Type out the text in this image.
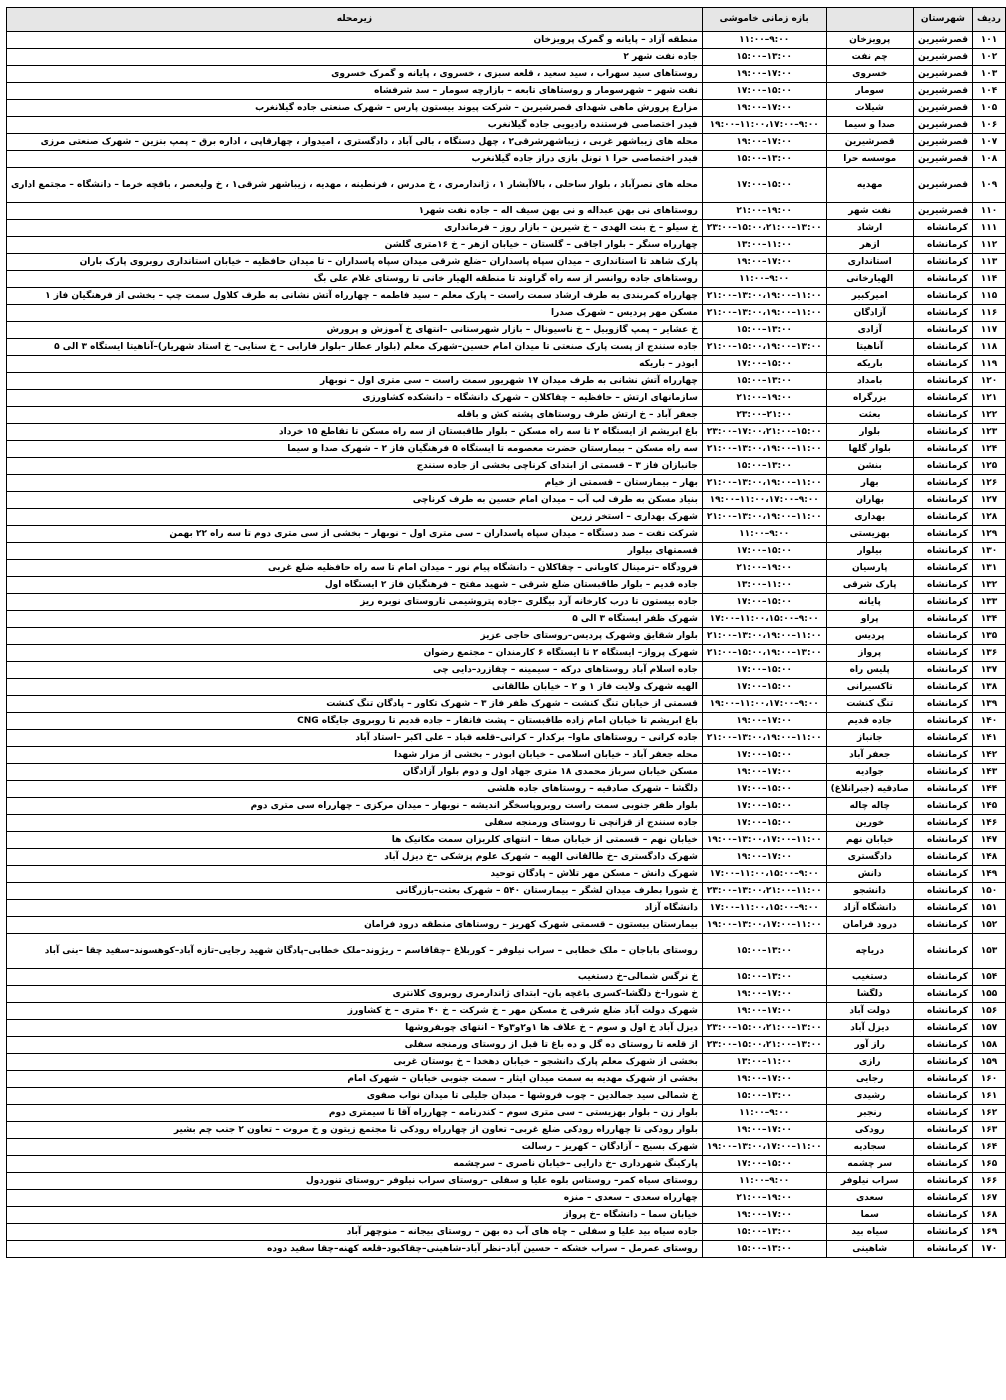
ردیف	شهرستان		بازه زمانی خاموشی	زیرمحله
۱۰۱	قصرشیرین	پرویزخان	۹:۰۰–۱۱:۰۰	منطقه آزاد – پایانه و گمرک پرویزخان
۱۰۲	قصرشیرین	چم نفت	۱۳:۰۰–۱۵:۰۰	جاده نفت شهر ۲
۱۰۳	قصرشیرین	خسروی	۱۷:۰۰–۱۹:۰۰	روستاهای سید سهراب ، سید سعید ، قلعه سبزی ، خسروی ، پایانه و گمرک خسروی
۱۰۴	قصرشیرین	سومار	۱۵:۰۰–۱۷:۰۰	نفت شهر – شهرسومار و روستاهای تابعه – بازارچه سومار – سد شرفشاه
۱۰۵	قصرشیرین	شیلات	۱۷:۰۰–۱۹:۰۰	مزارع پرورش ماهی شهدای قصرشیرین – شرکت پیوند بیستون پارس – شهرک صنعتی جاده گیلانغرب
۱۰۶	قصرشیرین	صدا و سیما	۹:۰۰–۱۱:۰۰،۱۷:۰۰–۱۹:۰۰	فیدر اختصاصی فرستنده رادیویی جاده گیلانغرب
۱۰۷	قصرشیرین	قصرشیرین	۱۷:۰۰–۱۹:۰۰	محله های زیباشهر غربی ، زیباشهرشرقی۲ ، چهل دستگاه ، بالی آباد ، دادگستری ، امیدوار ، چهارقاپی ، اداره برق – پمپ بنزین – شهرک صنعتی مرزی
۱۰۸	قصرشیرین	موسسه حرا	۱۳:۰۰–۱۵:۰۰	فیدر اختصاصی حرا ۱ تونل بازی دراز جاده گیلانغرب
۱۰۹	قصرشیرین	مهدیه	۱۵:۰۰–۱۷:۰۰	محله های نصرآباد ، بلوار ساحلی ، بالاآبشار ۱ ، ژاندارمری ، خ مدرس ، فرنطینه ، مهدیه ، زیباشهر شرقی۱ ، خ ولیعصر ، بافچه خرما – دانشگاه – مجتمع اداری
۱۱۰	قصرشیرین	نفت شهر	۱۹:۰۰–۲۱:۰۰	روستاهای نی بهن عبداله و نی بهن سیف اله – جاده نفت شهر۱
۱۱۱	کرمانشاه	ارشاد	۱۳:۰۰–۱۵:۰۰،۲۱:۰۰–۲۳:۰۰	خ سیلو – خ بنت الهدی – خ شیرین – بازار روز – فرمانداری
۱۱۲	کرمانشاه	ازهر	۱۱:۰۰–۱۳:۰۰	چهارراه سنگر – بلوار اجاقی – گلستان – خیابان ازهر – خ ۱۶متری گلشن
۱۱۳	کرمانشاه	استانداری	۱۷:۰۰–۱۹:۰۰	پارک شاهد تا استانداری – میدان سپاه پاسداران –ضلع شرقی میدان سپاه پاسداران – تا میدان حافظیه – خیابان استانداری روبروی پارک باران
۱۱۴	کرمانشاه	الهیارخانی	۹:۰۰–۱۱:۰۰	روستاهای جاده روانسر از سه راه گراوند تا منطقه الهیار خانی تا روستای غلام علی بگ
۱۱۵	کرمانشاه	امیرکبیر	۱۱:۰۰–۱۳:۰۰،۱۹:۰۰–۲۱:۰۰	چهارراه کمربندی به طرف ارشاد سمت راست – پارک معلم – سید فاطمه – چهارراه آتش نشانی به طرف کلاول سمت چپ – بخشی از فرهنگیان فاز ۱
۱۱۶	کرمانشاه	آزادگان	۱۱:۰۰–۱۳:۰۰،۱۹:۰۰–۲۱:۰۰	مسکن مهر پردیس – شهرک صدرا
۱۱۷	کرمانشاه	آزادی	۱۳:۰۰–۱۵:۰۰	خ عشایر – پمپ گازوییل – خ ناسیونال – بازار شهرستانی –انتهای خ آموزش و پرورش
۱۱۸	کرمانشاه	آناهیتا	۱۳:۰۰–۱۵:۰۰،۱۹:۰۰–۲۱:۰۰	جاده سنندج از پست پارک صنعتی تا میدان امام حسین–شهرک معلم (بلوار عطار –بلوار فارابی – خ سنایی– خ استاد شهریار)–آناهیتا ایستگاه ۳ الی ۵
۱۱۹	کرمانشاه	باریکه	۱۵:۰۰–۱۷:۰۰	ابوذر – باریکه
۱۲۰	کرمانشاه	بامداد	۱۳:۰۰–۱۵:۰۰	چهارراه آتش نشانی به طرف میدان ۱۷ شهریور سمت راست – سی متری اول – نوبهار
۱۲۱	کرمانشاه	بزرگراه	۱۹:۰۰–۲۱:۰۰	سازمانهای ارتش – حافظیه – چقاکلان – شهرک دانشگاه – دانشکده کشاورزی
۱۲۲	کرمانشاه	بعثت	۲۱:۰۰–۲۳:۰۰	جعفر آباد – خ ارتش طرف روستاهای پشته کش و باقله
۱۲۳	کرمانشاه	بلوار	۱۵:۰۰–۱۷:۰۰،۲۱:۰۰–۲۳:۰۰	باغ ابریشم از ایستگاه ۲ تا سه راه مسکن – بلوار طاقبستان از سه راه مسکن تا تقاطع ۱۵ خرداد
۱۲۴	کرمانشاه	بلوار گلها	۱۱:۰۰–۱۳:۰۰،۱۹:۰۰–۲۱:۰۰	سه راه مسکن – بیمارستان حضرت معصومه تا ایستگاه ۵ فرهنگیان فاز ۲ – شهرک صدا و سیما
۱۲۵	کرمانشاه	بنشن	۱۳:۰۰–۱۵:۰۰	جانبازان فاز ۳ – قسمتی از ابتدای کرناچی بخشی از جاده سنندج
۱۲۶	کرمانشاه	بهار	۱۱:۰۰–۱۳:۰۰،۱۹:۰۰–۲۱:۰۰	بهار – بیمارستان – قسمتی از خیام
۱۲۷	کرمانشاه	بهاران	۹:۰۰–۱۱:۰۰،۱۷:۰۰–۱۹:۰۰	بنیاد مسکن به طرف لب آب – میدان امام حسین به طرف کرناچی
۱۲۸	کرمانشاه	بهداری	۱۱:۰۰–۱۳:۰۰،۱۹:۰۰–۲۱:۰۰	شهرک بهداری – استخر زرین
۱۲۹	کرمانشاه	بهزیستی	۹:۰۰–۱۱:۰۰	شرکت نفت – صد دستگاه – میدان سپاه پاسداران – سی متری اول – نوبهار – بخشی از سی متری دوم تا سه راه ۲۲ بهمن
۱۳۰	کرمانشاه	بیلوار	۱۵:۰۰–۱۷:۰۰	قسمتهای بیلوار
۱۳۱	کرمانشاه	پارسیان	۱۹:۰۰–۲۱:۰۰	فرودگاه –ترمینال کاویانی – چقاکلان – دانشگاه پیام نور – میدان امام تا سه راه حافظیه ضلع غربی
۱۳۲	کرمانشاه	پارک شرقی	۱۱:۰۰–۱۳:۰۰	جاده قدیم – بلوار طاقبستان ضلع شرقی – شهید مفتح – فرهنگیان فاز ۲ ایستگاه اول
۱۳۳	کرمانشاه	پایانه	۱۵:۰۰–۱۷:۰۰	جاده بیستون تا درب کارخانه آرد بیگلری –جاده پتروشیمی تاروستای نوبره ریز
۱۳۴	کرمانشاه	پراو	۹:۰۰–۱۱:۰۰،۱۵:۰۰–۱۷:۰۰	شهرک ظفر ایستگاه ۳ الی ۵
۱۳۵	کرمانشاه	پردیس	۱۱:۰۰–۱۳:۰۰،۱۹:۰۰–۲۱:۰۰	بلوار شقایق وشهرک پردیس–روستای حاجی عزیز
۱۳۶	کرمانشاه	پرواز	۱۳:۰۰–۱۵:۰۰،۱۹:۰۰–۲۱:۰۰	شهرک پرواز– ایستگاه ۲ تا ایستگاه ۶ کارمندان – مجتمع رضوان
۱۳۷	کرمانشاه	پلیس راه	۱۵:۰۰–۱۷:۰۰	جاده اسلام آباد روستاهای درکه – سیمینه – چقازرد–دایی چی
۱۳۸	کرمانشاه	تاکسیرانی	۱۵:۰۰–۱۷:۰۰	الهیه شهرک ولایت فاز ۱ و ۲ – خیابان طالقانی
۱۳۹	کرمانشاه	تنگ کنشت	۹:۰۰–۱۱:۰۰،۱۷:۰۰–۱۹:۰۰	قسمتی از خیابان تنگ کنشت – شهرک ظفر فاز ۳ – شهرک تکاور – پادگان تنگ کنشت
۱۴۰	کرمانشاه	جاده قدیم	۱۷:۰۰–۱۹:۰۰	باغ ابریشم تا خیابان امام زاده طاقبستان – پشت فانفار – جاده قدیم تا روبروی جایگاه CNG
۱۴۱	کرمانشاه	جانباز	۱۱:۰۰–۱۳:۰۰،۱۹:۰۰–۲۱:۰۰	جاده کرانی – روستاهای ماوا– برکدار – کرانی–قلعه قباد – علی اکبر –استاد آباد
۱۴۲	کرمانشاه	جعفر آباد	۱۵:۰۰–۱۷:۰۰	محله جعفر آباد – خیابان اسلامی – خیابان ابوذر – بخشی از مزار شهدا
۱۴۳	کرمانشاه	جوادیه	۱۷:۰۰–۱۹:۰۰	مسکن خیابان سرباز محمدی ۱۸ متری جهاد اول و دوم بلوار آزادگان
۱۴۴	کرمانشاه	صادقیه (جبرانلاغ)	۱۵:۰۰–۱۷:۰۰	دلگشا – شهرک صادقیه – روستاهای جاده هلشی
۱۴۵	کرمانشاه	چاله چاله	۱۵:۰۰–۱۷:۰۰	بلوار ظفر جنوبی سمت راست روبروپاسخگر اندیشه – نوبهار – میدان مرکزی – چهارراه سی متری دوم
۱۴۶	کرمانشاه	خورین	۱۵:۰۰–۱۷:۰۰	جاده سنندج از قزانچی تا روستای ورمنجه سفلی
۱۴۷	کرمانشاه	خیابان نهم	۱۱:۰۰–۱۳:۰۰،۱۷:۰۰–۱۹:۰۰	خیابان نهم – قسمتی از خیابان صفا – انتهای کلریزان سمت مکانیک ها
۱۴۸	کرمانشاه	دادگستری	۱۷:۰۰–۱۹:۰۰	شهرک دادگستری –خ طالقانی الهیه – شهرک علوم پزشکی –خ دیزل آباد
۱۴۹	کرمانشاه	دانش	۹:۰۰–۱۱:۰۰،۱۵:۰۰–۱۷:۰۰	شهرک دانش – مسکن مهر تلاش – پادگان توحید
۱۵۰	کرمانشاه	دانشجو	۱۱:۰۰–۱۳:۰۰،۲۱:۰۰–۲۳:۰۰	خ شورا بطرف میدان لشگر – بیمارستان ۵۴۰ – شهرک بعثت–بازرگانی
۱۵۱	کرمانشاه	دانشگاه آزاد	۹:۰۰–۱۱:۰۰،۱۵:۰۰–۱۷:۰۰	دانشگاه آزاد
۱۵۲	کرمانشاه	درود فرامان	۱۱:۰۰–۱۳:۰۰،۱۷:۰۰–۱۹:۰۰	بیمارستان بیستون – قسمتی شهرک کهریز – روستاهای منطقه درود فرامان
۱۵۳	کرمانشاه	دریاچه	۱۳:۰۰–۱۵:۰۰	روستای باباجان – ملک خطابی – سراب نیلوفر – کوربلاغ –چقاقاسم – ریژوند–ملک خطابی–پادگان شهید رجایی–تازه آباد–کوهسوند–سفید چقا –بنی آباد
۱۵۴	کرمانشاه	دستغیب	۱۳:۰۰–۱۵:۰۰	خ نرگس شمالی–خ دستغیب
۱۵۵	کرمانشاه	دلگشا	۱۷:۰۰–۱۹:۰۰	خ شورا–خ دلگشا–کسری باغچه بان– ابتدای ژاندارمری روبروی کلانتری
۱۵۶	کرمانشاه	دولت آباد	۱۷:۰۰–۱۹:۰۰	شهرک دولت آباد ضلع شرقی خ مسکن مهر – خ شرکت – خ ۴۰ متری – خ کشاورز
۱۵۷	کرمانشاه	دیزل آباد	۱۳:۰۰–۱۵:۰۰،۲۱:۰۰–۲۳:۰۰	دیزل آباد خ اول و سوم – خ علاف ها ۱و۲و۳و۴ – انتهای چوبفروشها
۱۵۸	کرمانشاه	راز آور	۱۳:۰۰–۱۵:۰۰،۲۱:۰۰–۲۳:۰۰	از قلعه تا روستای ده گل و ده باغ تا قبل از روستای ورمنجه سفلی
۱۵۹	کرمانشاه	رازی	۱۱:۰۰–۱۳:۰۰	بخشی از شهرک معلم پارک دانشجو – خیابان دهخدا – خ بوستان غربی
۱۶۰	کرمانشاه	رجایی	۱۷:۰۰–۱۹:۰۰	بخشی از شهرک مهدیه به سمت میدان ایثار – سمت جنوبی خیابان – شهرک امام
۱۶۱	کرمانشاه	رشیدی	۱۳:۰۰–۱۵:۰۰	خ شمالی سید جمالدین – چوب فروشها – میدان جلیلی تا میدان نواب صفوی
۱۶۲	کرمانشاه	رنجبر	۹:۰۰–۱۱:۰۰	بلوار زن – بلوار بهزیستی – سی متری سوم – کندرنامه – چهارراه آقا تا سیمتری دوم
۱۶۳	کرمانشاه	رودکی	۱۷:۰۰–۱۹:۰۰	بلوار رودکی تا چهارراه رودکی ضلع غربی– تعاون از چهارراه رودکی تا مجتمع زیتون و خ مروت – تعاون ۲ جنب چم بشیر
۱۶۴	کرمانشاه	سجادیه	۱۱:۰۰–۱۳:۰۰،۱۷:۰۰–۱۹:۰۰	شهرک بسیج – آزادگان – کهریز – رسالت
۱۶۵	کرمانشاه	سر چشمه	۱۵:۰۰–۱۷:۰۰	پارکینگ شهرداری –خ دارایی –خیابان ناصری – سرچشمه
۱۶۶	کرمانشاه	سراب نیلوفر	۹:۰۰–۱۱:۰۰	روستای سیاه کمر– روستاس بلوه علیا و سفلی –روستای سراب نیلوفر –روستای تنوردول
۱۶۷	کرمانشاه	سعدی	۱۹:۰۰–۲۱:۰۰	چهارراه سعدی – سعدی – منزه
۱۶۸	کرمانشاه	سما	۱۷:۰۰–۱۹:۰۰	خیابان سما – دانشگاه –خ پرواز
۱۶۹	کرمانشاه	سیاه بید	۱۳:۰۰–۱۵:۰۰	جاده سیاه بید علیا و سفلی – چاه های آب ده بهن – روستای بیجانه – منوچهر آباد
۱۷۰	کرمانشاه	شاهینی	۱۳:۰۰–۱۵:۰۰	روستای عمرمل – سراب خشکه – حسین آباد–نظر آباد–شاهینی–چقاکبود–قلعه کهنه–چقا سفید دوده
